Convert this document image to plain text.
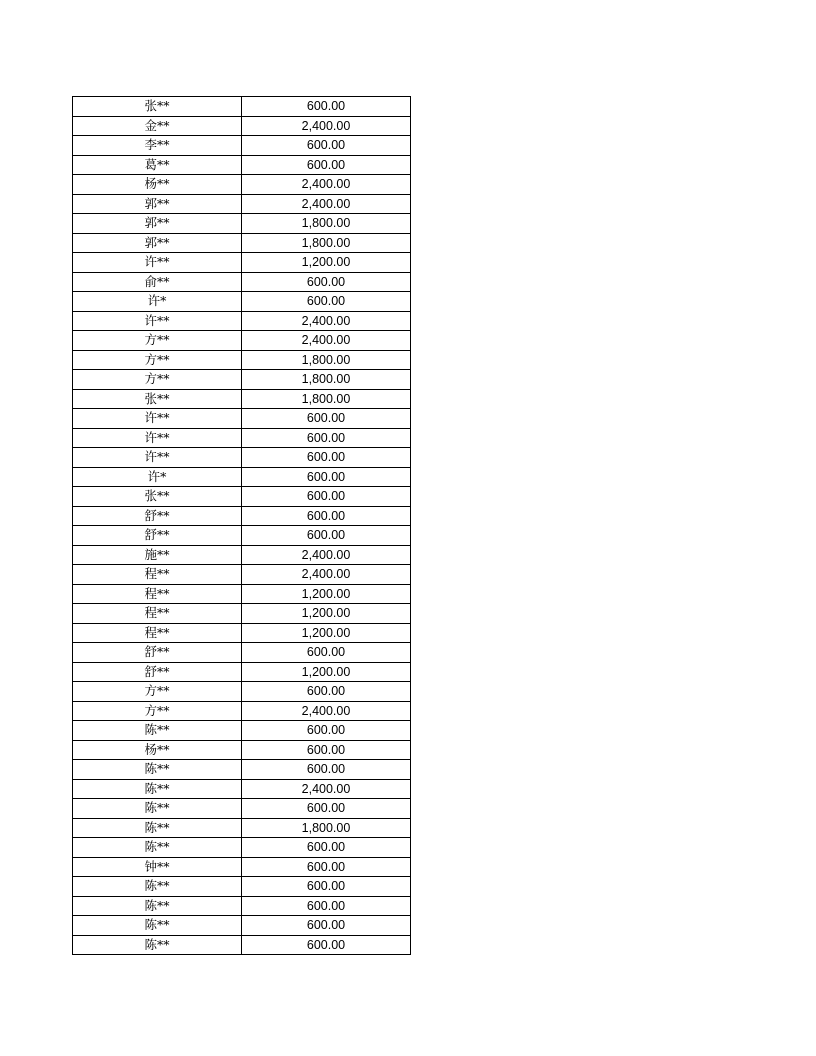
张**	600.00
金**	2,400.00
李**	600.00
葛**	600.00
杨**	2,400.00
郭**	2,400.00
郭**	1,800.00
郭**	1,800.00
许**	1,200.00
俞**	600.00
许*	600.00
许**	2,400.00
方**	2,400.00
方**	1,800.00
方**	1,800.00
张**	1,800.00
许**	600.00
许**	600.00
许**	600.00
许*	600.00
张**	600.00
舒**	600.00
舒**	600.00
施**	2,400.00
程**	2,400.00
程**	1,200.00
程**	1,200.00
程**	1,200.00
舒**	600.00
舒**	1,200.00
方**	600.00
方**	2,400.00
陈**	600.00
杨**	600.00
陈**	600.00
陈**	2,400.00
陈**	600.00
陈**	1,800.00
陈**	600.00
钟**	600.00
陈**	600.00
陈**	600.00
陈**	600.00
陈**	600.00
